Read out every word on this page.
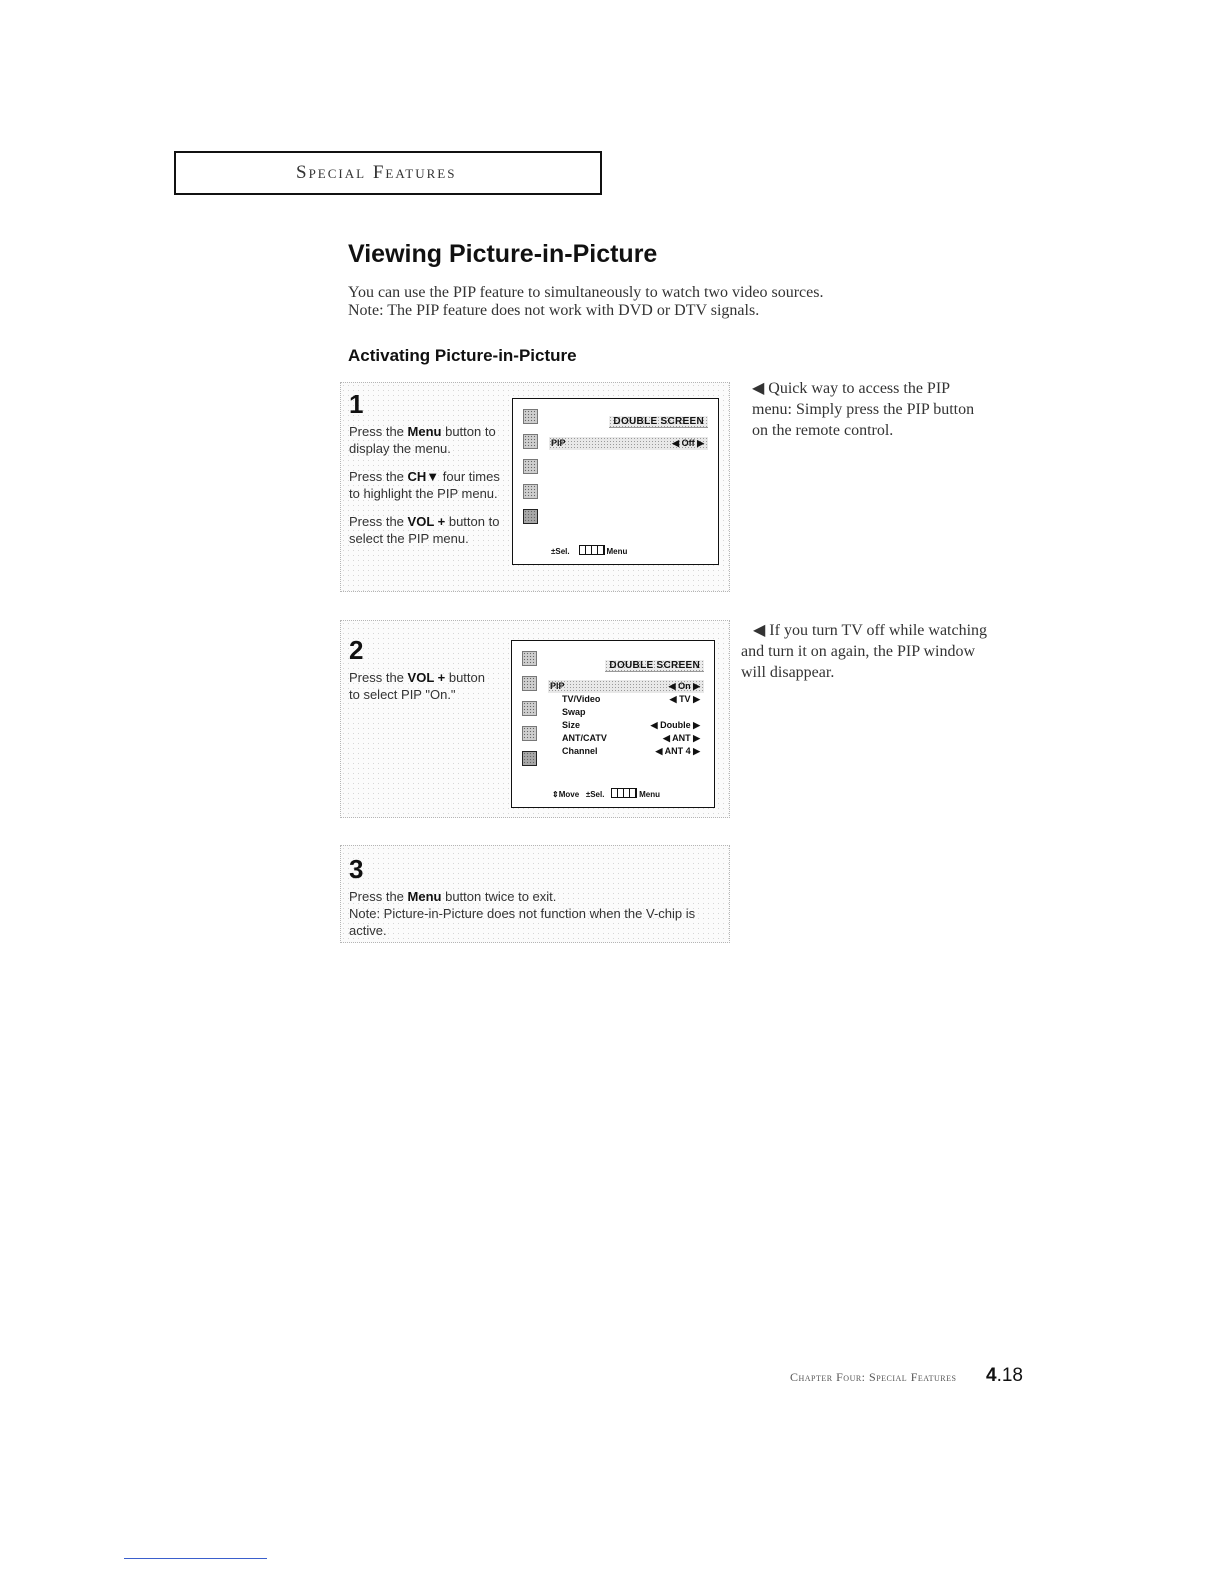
Special Features
Viewing Picture-in-Picture
You can use the PIP feature to simultaneously to watch two video sources.
Note: The PIP feature does not work with DVD or DTV signals.
Activating Picture-in-Picture
1

Press the Menu button to
display the menu.

Press the CH▼ four times
to highlight the PIP menu.

Press the VOL + button to
select the PIP menu.

DOUBLE SCREEN
PIP	◀ Off ▶
±Sel.	Menu
◀ Quick way to access the PIP
menu: Simply press the PIP button
on the remote control.
2

Press the VOL + button
to select PIP "On."

DOUBLE SCREEN
PIP	◀ On ▶
TV/Video	◀ TV ▶
Swap
Size	◀ Double ▶
ANT/CATV	◀ ANT ▶
Channel	◀ ANT 4 ▶
⇕Move ±Sel.	Menu
◀ If you turn TV off while watching
and turn it on again, the PIP window
will disappear.
3

Press the Menu button twice to exit.

Note: Picture-in-Picture does not function when the V-chip is
active.

Chapter Four: Special Features 4.18
